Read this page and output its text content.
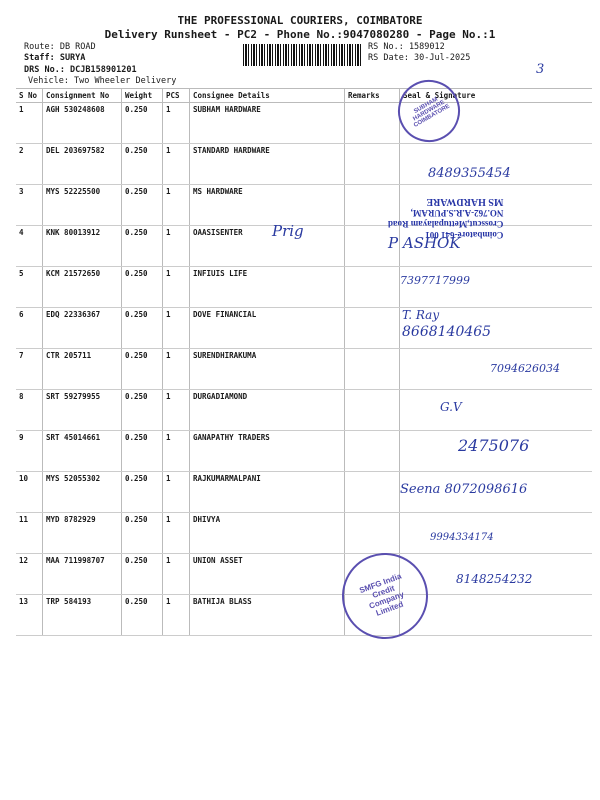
THE PROFESSIONAL COURIERS, COIMBATORE
Delivery Runsheet - PC2 - Phone No.:9047080280 - Page No.:1
Route: DB ROAD
Staff: SURYA
DRS No.: DCJB158901201
Vehicle: Two Wheeler Delivery
RS No.: 1589012
RS Date: 30-Jul-2025
3
S No	Consignment No	Weight	PCS	Consignee Details	Remarks	Seal & Signature
1	AGH 530248608	0.250	1	SUBHAM HARDWARE		
2	DEL 203697582	0.250	1	STANDARD HARDWARE		
3	MYS 52225500	0.250	1	MS HARDWARE		
4	KNK 80013912	0.250	1	OAASISENTER		
5	KCM 21572650	0.250	1	INFIUIS LIFE		
6	EDQ 22336367	0.250	1	DOVE FINANCIAL		
7	CTR 205711	0.250	1	SURENDHIRAKUMA		
8	SRT 59279955	0.250	1	DURGADIAMOND		
9	SRT 45014661	0.250	1	GANAPATHY TRADERS		
10	MYS 52055302	0.250	1	RAJKUMARMALPANI		
11	MYD 8782929	0.250	1	DHIVYA		
12	MAA 711998707	0.250	1	UNION ASSET		
13	TRP 584193	0.250	1	BATHIJA BLASS		
SUBHAM HARDWARE COIMBATORE
Coimbatore-641 001
Crosscut,Mettupalayam Road
NO.762-A.R.S.PURAM,
MS HARDWARE
SMFG India Credit Company Limited
8489355454
Prig
P ASHOK
7397717999
T. Ray
8668140465
7094626034
G.V
2475076
Seena 8072098616
9994334174
8148254232
